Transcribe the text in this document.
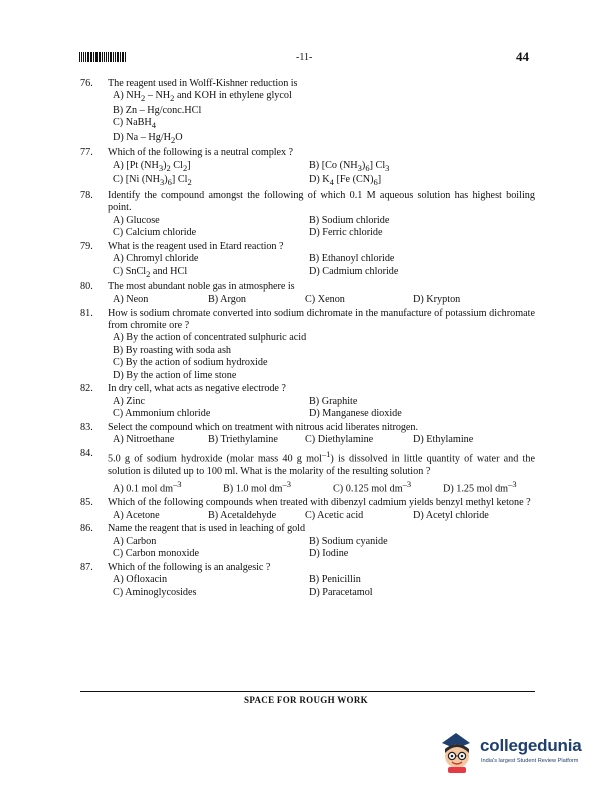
-11-	44
76.	The reagent used in Wolff-Kishner reduction is
A) $NH_2 - NH_2$ and KOH in ethylene glycol
B) Zn – Hg/conc.HCl
C) NaBH$_4$
D) Na – $Hg/H_2O$
77.	Which of the following is a neutral complex ?
A) [Pt $(NH_3)_2$ $Cl_2$]	B) [Co $(NH_3)_6$] $Cl_3$
C) [Ni $(NH_3)_6$] $Cl_2$	D) $K_4$ [Fe $(CN)_6$]
78.	Identify the compound amongst the following of which 0.1 M aqueous solution has highest boiling point.
A) Glucose	B) Sodium chloride
C) Calcium chloride	D) Ferric chloride
79.	What is the reagent used in Etard reaction ?
A) Chromyl chloride	B) Ethanoyl chloride
C) SnCl$_2$ and HCl	D) Cadmium chloride
80.	The most abundant noble gas in atmosphere is
A) Neon	B) Argon	C) Xenon	D) Krypton
81.	How is sodium chromate converted into sodium dichromate in the manufacture of potassium dichromate from chromite ore ?
A) By the action of concentrated sulphuric acid
B) By roasting with soda ash
C) By the action of sodium hydroxide
D) By the action of lime stone
82.	In dry cell, what acts as negative electrode ?
A) Zinc	B) Graphite
C) Ammonium chloride	D) Manganese dioxide
83.	Select the compound which on treatment with nitrous acid liberates nitrogen.
A) Nitroethane	B) Triethylamine	C) Diethylamine	D) Ethylamine
84.	5.0 g of sodium hydroxide (molar mass 40 g mol$^{-1}$) is dissolved in little quantity of water and the solution is diluted up to 100 ml. What is the molarity of the resulting solution ?
A) 0.1 mol $dm^{-3}$	B) 1.0 mol $dm^{-3}$	C) 0.125 mol $dm^{-3}$	D) 1.25 mol $dm^{-3}$
85.	Which of the following compounds when treated with dibenzyl cadmium yields benzyl methyl ketone ?
A) Acetone	B) Acetaldehyde	C) Acetic acid	D) Acetyl chloride
86.	Name the reagent that is used in leaching of gold
A) Carbon	B) Sodium cyanide
C) Carbon monoxide	D) Iodine
87.	Which of the following is an analgesic ?
A) Ofloxacin	B) Penicillin
C) Aminoglycosides	D) Paracetamol
SPACE FOR ROUGH WORK
collegedunia
India's largest Student Review Platform
